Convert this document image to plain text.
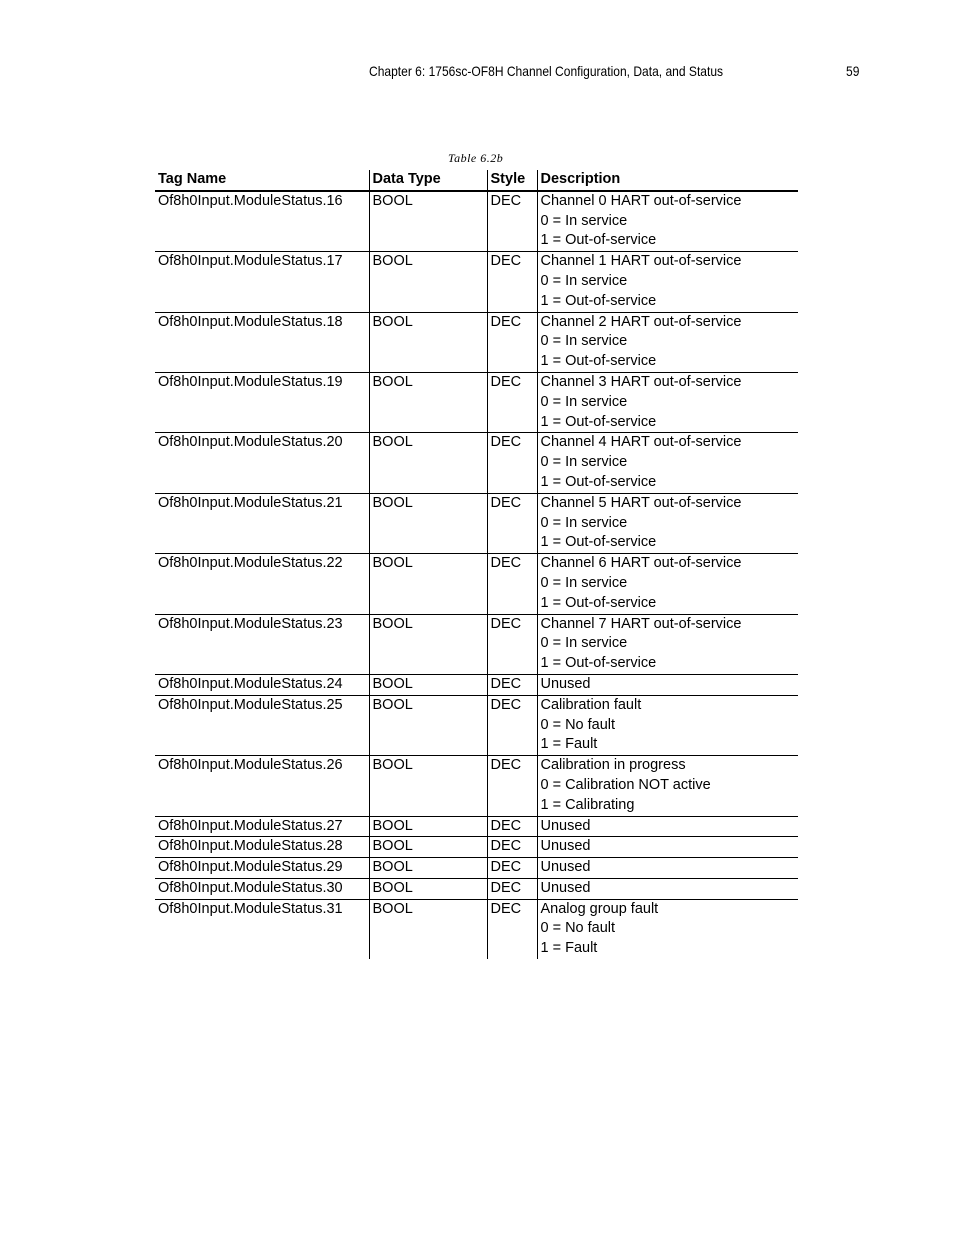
Chapter 6: 1756sc-OF8H Channel Configuration, Data, and Status	59
Table 6.2b
Tag Name	Data Type	Style	Description
Of8h0Input.ModuleStatus.16	BOOL	DEC	Channel 0 HART out-of-service
0 = In service
1 = Out-of-service

Of8h0Input.ModuleStatus.17	BOOL	DEC	Channel 1 HART out-of-service
0 = In service
1 = Out-of-service

Of8h0Input.ModuleStatus.18	BOOL	DEC	Channel 2 HART out-of-service
0 = In service
1 = Out-of-service

Of8h0Input.ModuleStatus.19	BOOL	DEC	Channel 3 HART out-of-service
0 = In service
1 = Out-of-service

Of8h0Input.ModuleStatus.20	BOOL	DEC	Channel 4 HART out-of-service
0 = In service
1 = Out-of-service

Of8h0Input.ModuleStatus.21	BOOL	DEC	Channel 5 HART out-of-service
0 = In service
1 = Out-of-service

Of8h0Input.ModuleStatus.22	BOOL	DEC	Channel 6 HART out-of-service
0 = In service
1 = Out-of-service

Of8h0Input.ModuleStatus.23	BOOL	DEC	Channel 7 HART out-of-service
0 = In service
1 = Out-of-service

Of8h0Input.ModuleStatus.24	BOOL	DEC	Unused

Of8h0Input.ModuleStatus.25	BOOL	DEC	Calibration fault
0 = No fault
1 = Fault

Of8h0Input.ModuleStatus.26	BOOL	DEC	Calibration in progress
0 = Calibration NOT active
1 = Calibrating

Of8h0Input.ModuleStatus.27	BOOL	DEC	Unused

Of8h0Input.ModuleStatus.28	BOOL	DEC	Unused

Of8h0Input.ModuleStatus.29	BOOL	DEC	Unused

Of8h0Input.ModuleStatus.30	BOOL	DEC	Unused

Of8h0Input.ModuleStatus.31	BOOL	DEC	Analog group fault
0 = No fault
1 = Fault
